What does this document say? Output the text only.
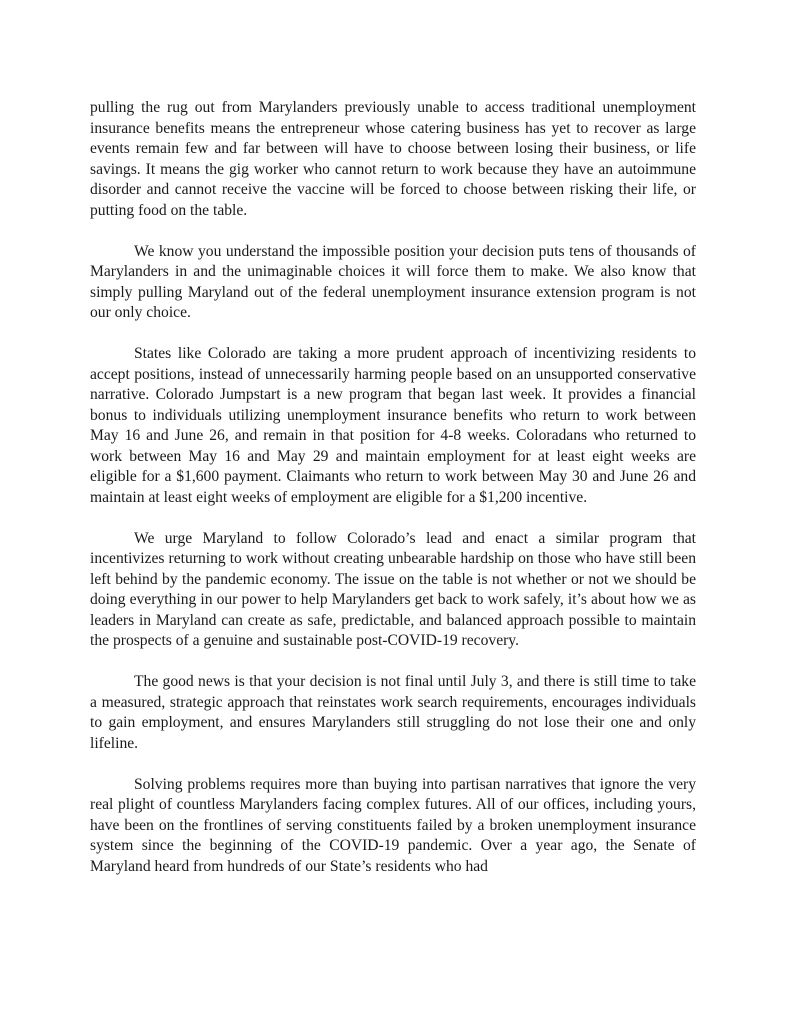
pulling the rug out from Marylanders previously unable to access traditional unemployment insurance benefits means the entrepreneur whose catering business has yet to recover as large events remain few and far between will have to choose between losing their business, or life savings. It means the gig worker who cannot return to work because they have an autoimmune disorder and cannot receive the vaccine will be forced to choose between risking their life, or putting food on the table.

We know you understand the impossible position your decision puts tens of thousands of Marylanders in and the unimaginable choices it will force them to make. We also know that simply pulling Maryland out of the federal unemployment insurance extension program is not our only choice.

States like Colorado are taking a more prudent approach of incentivizing residents to accept positions, instead of unnecessarily harming people based on an unsupported conservative narrative. Colorado Jumpstart is a new program that began last week. It provides a financial bonus to individuals utilizing unemployment insurance benefits who return to work between May 16 and June 26, and remain in that position for 4-8 weeks. Coloradans who returned to work between May 16 and May 29 and maintain employment for at least eight weeks are eligible for a $1,600 payment. Claimants who return to work between May 30 and June 26 and maintain at least eight weeks of employment are eligible for a $1,200 incentive.

We urge Maryland to follow Colorado’s lead and enact a similar program that incentivizes returning to work without creating unbearable hardship on those who have still been left behind by the pandemic economy. The issue on the table is not whether or not we should be doing everything in our power to help Marylanders get back to work safely, it’s about how we as leaders in Maryland can create as safe, predictable, and balanced approach possible to maintain the prospects of a genuine and sustainable post-COVID-19 recovery.

The good news is that your decision is not final until July 3, and there is still time to take a measured, strategic approach that reinstates work search requirements, encourages individuals to gain employment, and ensures Marylanders still struggling do not lose their one and only lifeline.

Solving problems requires more than buying into partisan narratives that ignore the very real plight of countless Marylanders facing complex futures. All of our offices, including yours, have been on the frontlines of serving constituents failed by a broken unemployment insurance system since the beginning of the COVID-19 pandemic. Over a year ago, the Senate of Maryland heard from hundreds of our State’s residents who had
